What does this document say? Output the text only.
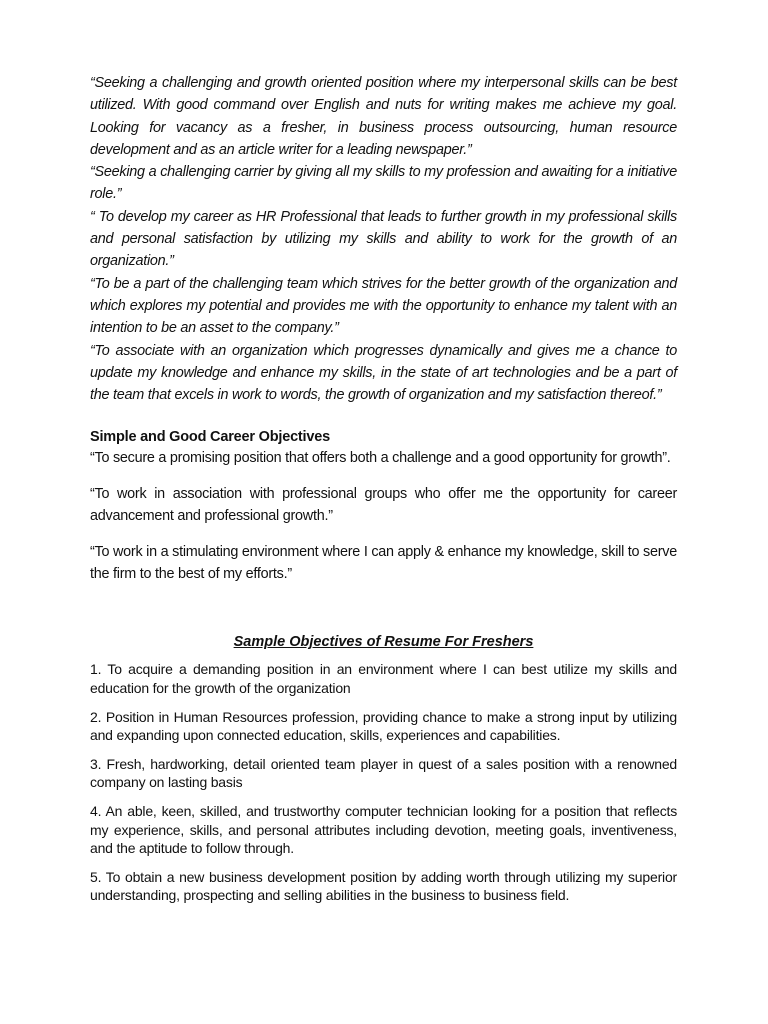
“Seeking a challenging and growth oriented position where my interpersonal skills can be best utilized. With good command over English and nuts for writing makes me achieve my goal. Looking for vacancy as a fresher, in business process outsourcing, human resource development and as an article writer for a leading newspaper.”

“Seeking a challenging carrier by giving all my skills to my profession and awaiting for a initiative role.”

“ To develop my career as HR Professional that leads to further growth in my professional skills and personal satisfaction by utilizing my skills and ability to work for the growth of an organization.”

“To be a part of the challenging team which strives for the better growth of the organization and which explores my potential and provides me with the opportunity to enhance my talent with an intention to be an asset to the company.”

“To associate with an organization which progresses dynamically and gives me a chance to update my knowledge and enhance my skills, in the state of art technologies and be a part of the team that excels in work to words, the growth of organization and my satisfaction thereof.”

Simple and Good Career Objectives

“To secure a promising position that offers both a challenge and a good opportunity for growth”.

“To work in association with professional groups who offer me the opportunity for career advancement and professional growth.”

“To work in a stimulating environment where I can apply & enhance my knowledge, skill to serve the firm to the best of my efforts.”

Sample Objectives of Resume For Freshers

1. To acquire a demanding position in an environment where I can best utilize my skills and education for the growth of the organization

2. Position in Human Resources profession, providing chance to make a strong input by utilizing and expanding upon connected education, skills, experiences and capabilities.

3. Fresh, hardworking, detail oriented team player in quest of a sales position with a renowned company on lasting basis

4. An able, keen, skilled, and trustworthy computer technician looking for a position that reflects my experience, skills, and personal attributes including devotion, meeting goals, inventiveness, and the aptitude to follow through.

5. To obtain a new business development position by adding worth through utilizing my superior understanding, prospecting and selling abilities in the business to business field.
